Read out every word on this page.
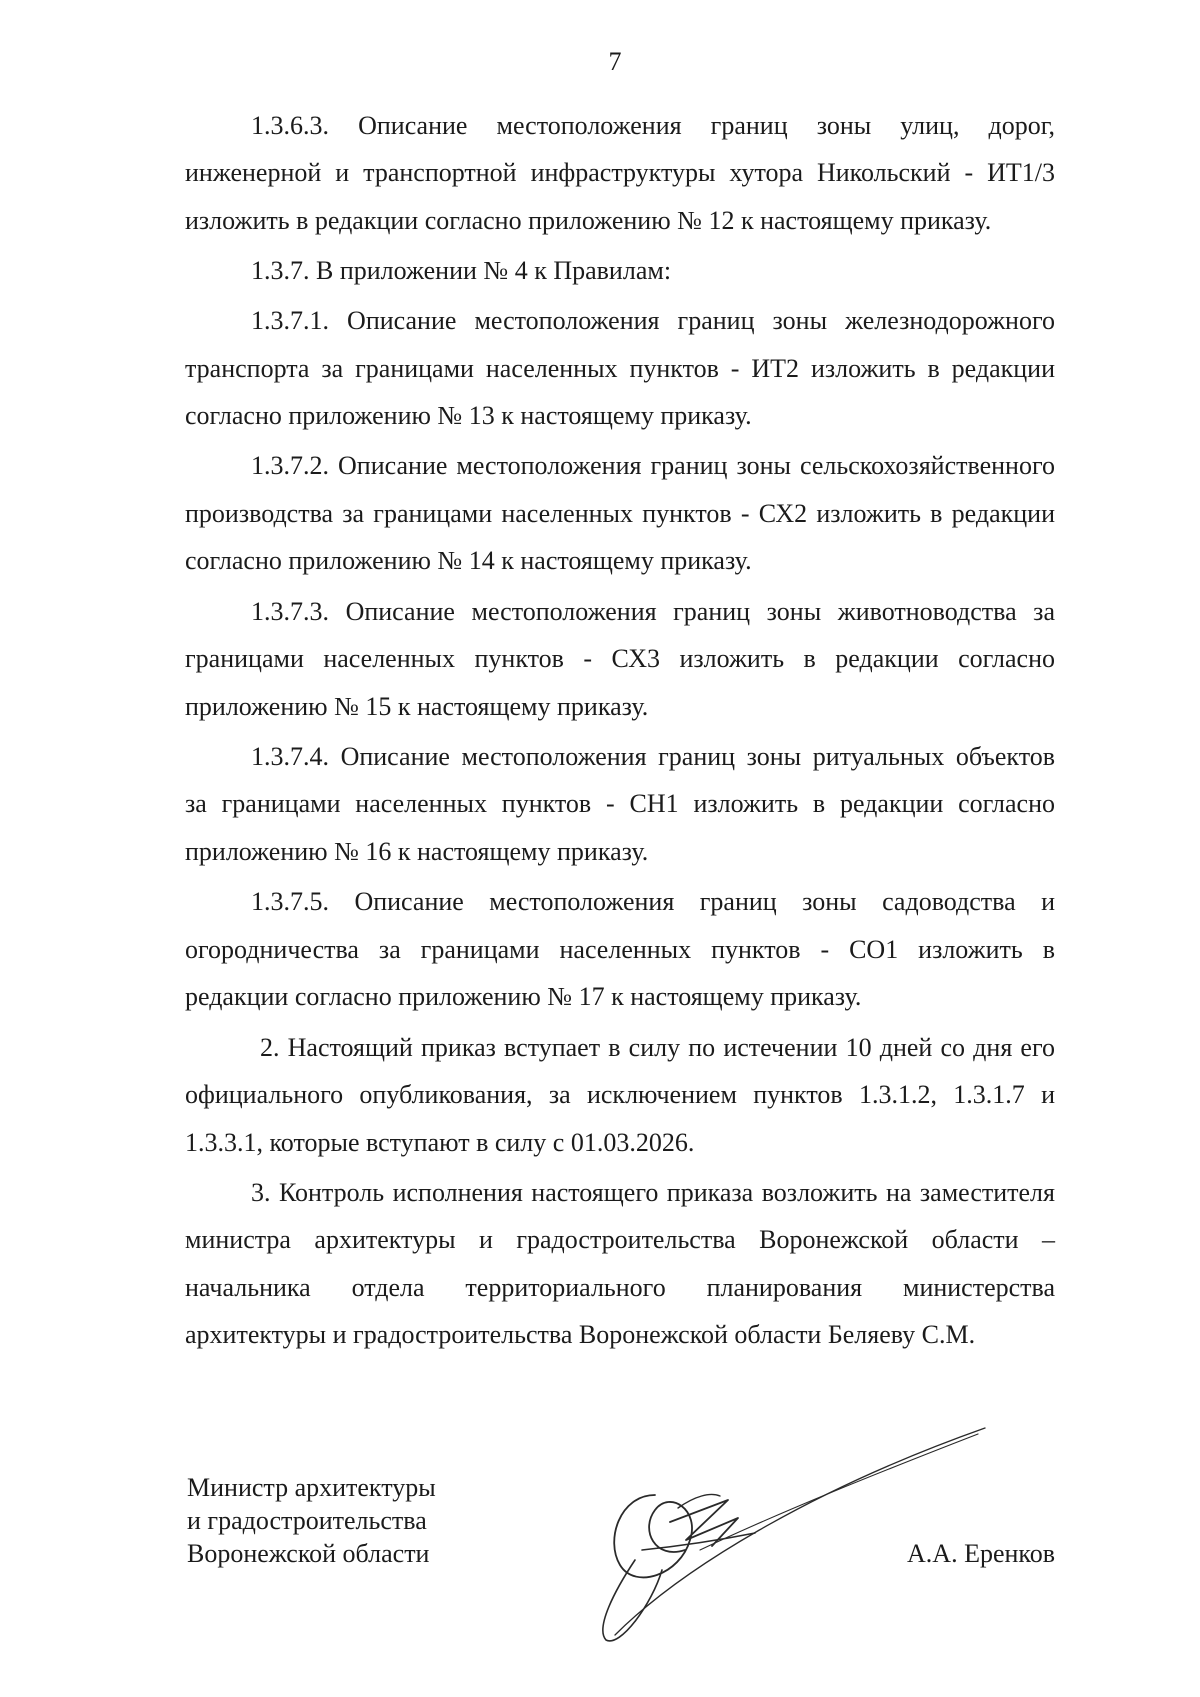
7
1.3.6.3. Описание местоположения границ зоны улиц, дорог,
инженерной и транспортной инфраструктуры хутора Никольский - ИТ1/3
изложить в редакции согласно приложению № 12 к настоящему приказу.
1.3.7. В приложении № 4 к Правилам:
1.3.7.1. Описание местоположения границ зоны железнодорожного
транспорта за границами населенных пунктов - ИТ2 изложить в редакции
согласно приложению № 13 к настоящему приказу.
1.3.7.2. Описание местоположения границ зоны сельскохозяйственного
производства за границами населенных пунктов - СХ2 изложить в редакции
согласно приложению № 14 к настоящему приказу.
1.3.7.3. Описание местоположения границ зоны животноводства за
границами населенных пунктов - СХ3 изложить в редакции согласно
приложению № 15 к настоящему приказу.
1.3.7.4. Описание местоположения границ зоны ритуальных объектов
за границами населенных пунктов - СН1 изложить в редакции согласно
приложению № 16 к настоящему приказу.
1.3.7.5. Описание местоположения границ зоны садоводства и
огородничества за границами населенных пунктов - СО1 изложить в
редакции согласно приложению № 17 к настоящему приказу.
2. Настоящий приказ вступает в силу по истечении 10 дней со дня его
официального опубликования, за исключением пунктов 1.3.1.2, 1.3.1.7 и
1.3.3.1, которые вступают в силу с 01.03.2026.
3. Контроль исполнения настоящего приказа возложить на заместителя
министра архитектуры и градостроительства Воронежской области –
начальника отдела территориального планирования министерства
архитектуры и градостроительства Воронежской области Беляеву С.М.
Министр архитектуры
и градостроительства
Воронежской области	А.А. Еренков
